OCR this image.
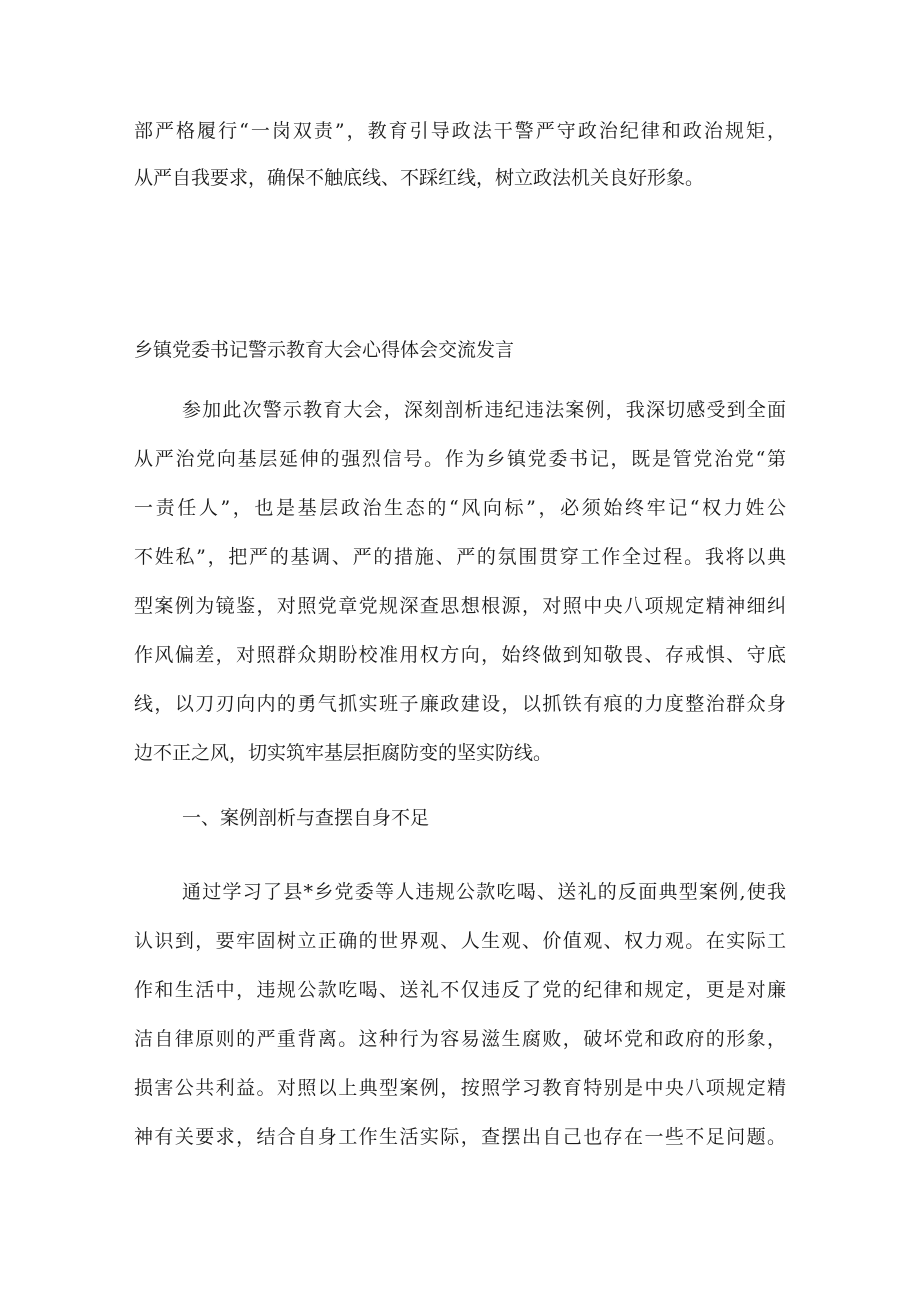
部严格履行“一岗双责”，教育引导政法干警严守政治纪律和政治规矩，
从严自我要求，确保不触底线、不踩红线，树立政法机关良好形象。
乡镇党委书记警示教育大会心得体会交流发言
参加此次警示教育大会，深刻剖析违纪违法案例，我深切感受到全面
从严治党向基层延伸的强烈信号。作为乡镇党委书记，既是管党治党“第
一责任人”，也是基层政治生态的“风向标”，必须始终牢记“权力姓公
不姓私”，把严的基调、严的措施、严的氛围贯穿工作全过程。我将以典
型案例为镜鉴，对照党章党规深查思想根源，对照中央八项规定精神细纠
作风偏差，对照群众期盼校准用权方向，始终做到知敬畏、存戒惧、守底
线，以刀刃向内的勇气抓实班子廉政建设，以抓铁有痕的力度整治群众身
边不正之风，切实筑牢基层拒腐防变的坚实防线。
一、案例剖析与查摆自身不足
通过学习了县*乡党委等人违规公款吃喝、送礼的反面典型案例,使我
认识到，要牢固树立正确的世界观、人生观、价值观、权力观。在实际工
作和生活中，违规公款吃喝、送礼不仅违反了党的纪律和规定，更是对廉
洁自律原则的严重背离。这种行为容易滋生腐败，破坏党和政府的形象，
损害公共利益。对照以上典型案例，按照学习教育特别是中央八项规定精
神有关要求，结合自身工作生活实际，查摆出自己也存在一些不足问题。
